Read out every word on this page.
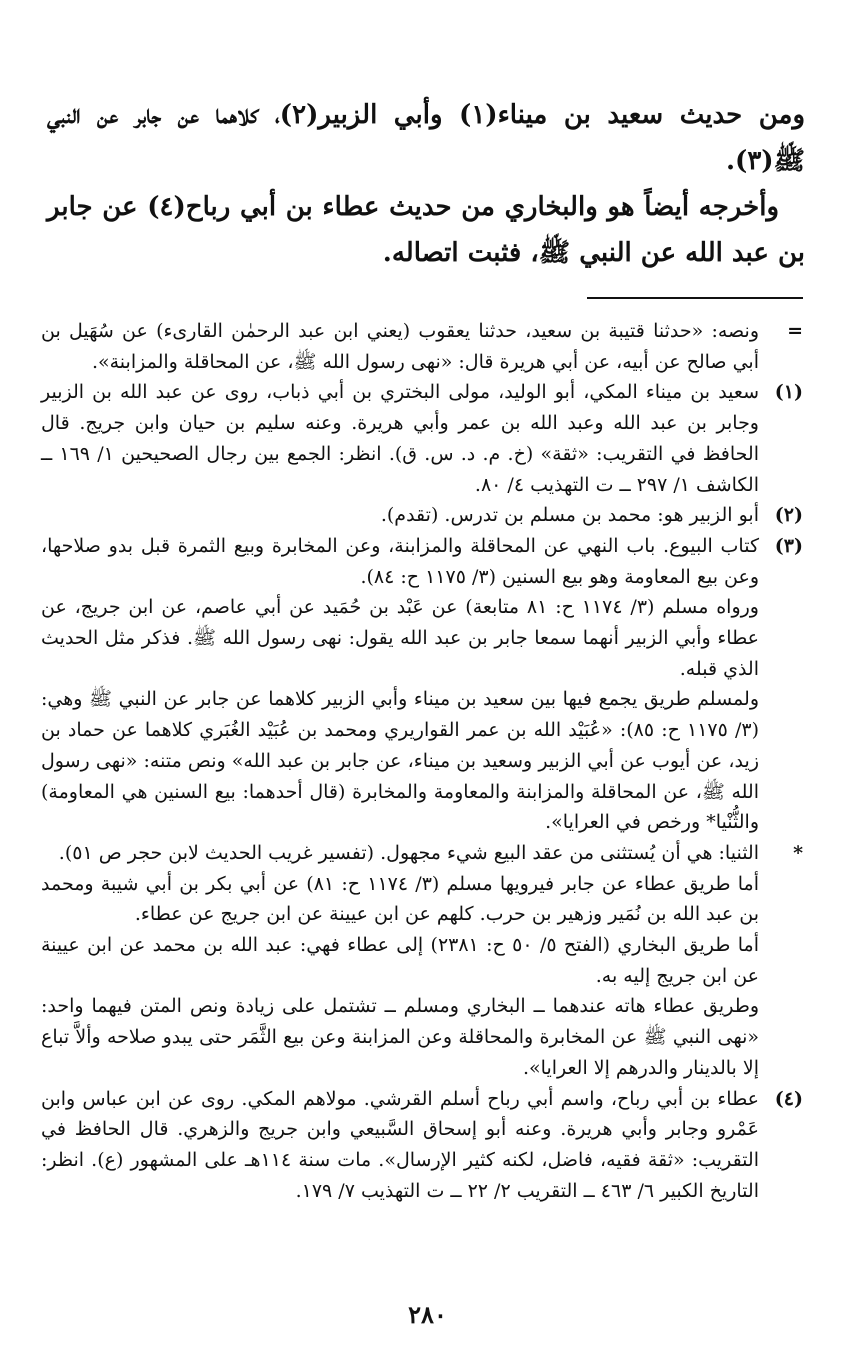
ومن حديث سعيد بن ميناء(١) وأبي الزبير(٢)، كلاهما عن جابر عن النبي ﷺ(٣).

وأخرجه أيضاً هو والبخاري من حديث عطاء بن أبي رباح(٤) عن جابر بن عبد الله عن النبي ﷺ، فثبت اتصاله.

=

ونصه: «حدثنا قتيبة بن سعيد، حدثنا يعقوب (يعني ابن عبد الرحمٰن القارىء) عن سُهَيل بن أبي صالح عن أبيه، عن أبي هريرة قال: «نهى رسول الله ﷺ، عن المحاقلة والمزابنة».

(١)

سعيد بن ميناء المكي، أبو الوليد، مولى البختري بن أبي ذباب، روى عن عبد الله بن الزبير وجابر بن عبد الله وعبد الله بن عمر وأبي هريرة. وعنه سليم بن حيان وابن جريج. قال الحافظ في التقريب: «ثقة» (خ. م. د. س. ق). انظر: الجمع بين رجال الصحيحين ١/ ١٦٩ ــ الكاشف ١/ ٢٩٧ ــ ت التهذيب ٤/ ٨٠.

(٢)

أبو الزبير هو: محمد بن مسلم بن تدرس. (تقدم).

(٣)

كتاب البيوع. باب النهي عن المحاقلة والمزابنة، وعن المخابرة وبيع الثمرة قبل بدو صلاحها، وعن بيع المعاومة وهو بيع السنين (٣/ ١١٧٥ ح: ٨٤).

ورواه مسلم (٣/ ١١٧٤ ح: ٨١ متابعة) عن عَبْد بن حُمَيد عن أبي عاصم، عن ابن جريج، عن عطاء وأبي الزبير أنهما سمعا جابر بن عبد الله يقول: نهى رسول الله ﷺ. فذكر مثل الحديث الذي قبله.

ولمسلم طريق يجمع فيها بين سعيد بن ميناء وأبي الزبير كلاهما عن جابر عن النبي ﷺ وهي: (٣/ ١١٧٥ ح: ٨٥): «عُبَيْد الله بن عمر القواريري ومحمد بن عُبَيْد الغُبَري كلاهما عن حماد بن زيد، عن أيوب عن أبي الزبير وسعيد بن ميناء، عن جابر بن عبد الله» ونص متنه: «نهى رسول الله ﷺ، عن المحاقلة والمزابنة والمعاومة والمخابرة (قال أحدهما: بيع السنين هي المعاومة) والثُّنْيا* ورخص في العرايا».

*

الثنيا: هي أن يُستثنى من عقد البيع شيء مجهول. (تفسير غريب الحديث لابن حجر ص ٥١).

أما طريق عطاء عن جابر فيرويها مسلم (٣/ ١١٧٤ ح: ٨١) عن أبي بكر بن أبي شيبة ومحمد بن عبد الله بن نُمَير وزهير بن حرب. كلهم عن ابن عيينة عن ابن جريج عن عطاء.

أما طريق البخاري (الفتح ٥/ ٥٠ ح: ٢٣٨١) إلى عطاء فهي: عبد الله بن محمد عن ابن عيينة عن ابن جريج إليه به.

وطريق عطاء هاته عندهما ــ البخاري ومسلم ــ تشتمل على زيادة ونص المتن فيهما واحد: «نهى النبي ﷺ عن المخابرة والمحاقلة وعن المزابنة وعن بيع الثَّمَر حتى يبدو صلاحه وألاَّ تباع إلا بالدينار والدرهم إلا العرايا».

(٤)

عطاء بن أبي رباح، واسم أبي رباح أسلم القرشي. مولاهم المكي. روى عن ابن عباس وابن عَمْرو وجابر وأبي هريرة. وعنه أبو إسحاق السَّبيعي وابن جريج والزهري. قال الحافظ في التقريب: «ثقة فقيه، فاضل، لكنه كثير الإرسال». مات سنة ١١٤هـ على المشهور (ع). انظر: التاريخ الكبير ٦/ ٤٦٣ ــ التقريب ٢/ ٢٢ ــ ت التهذيب ٧/ ١٧٩.

٢٨٠
